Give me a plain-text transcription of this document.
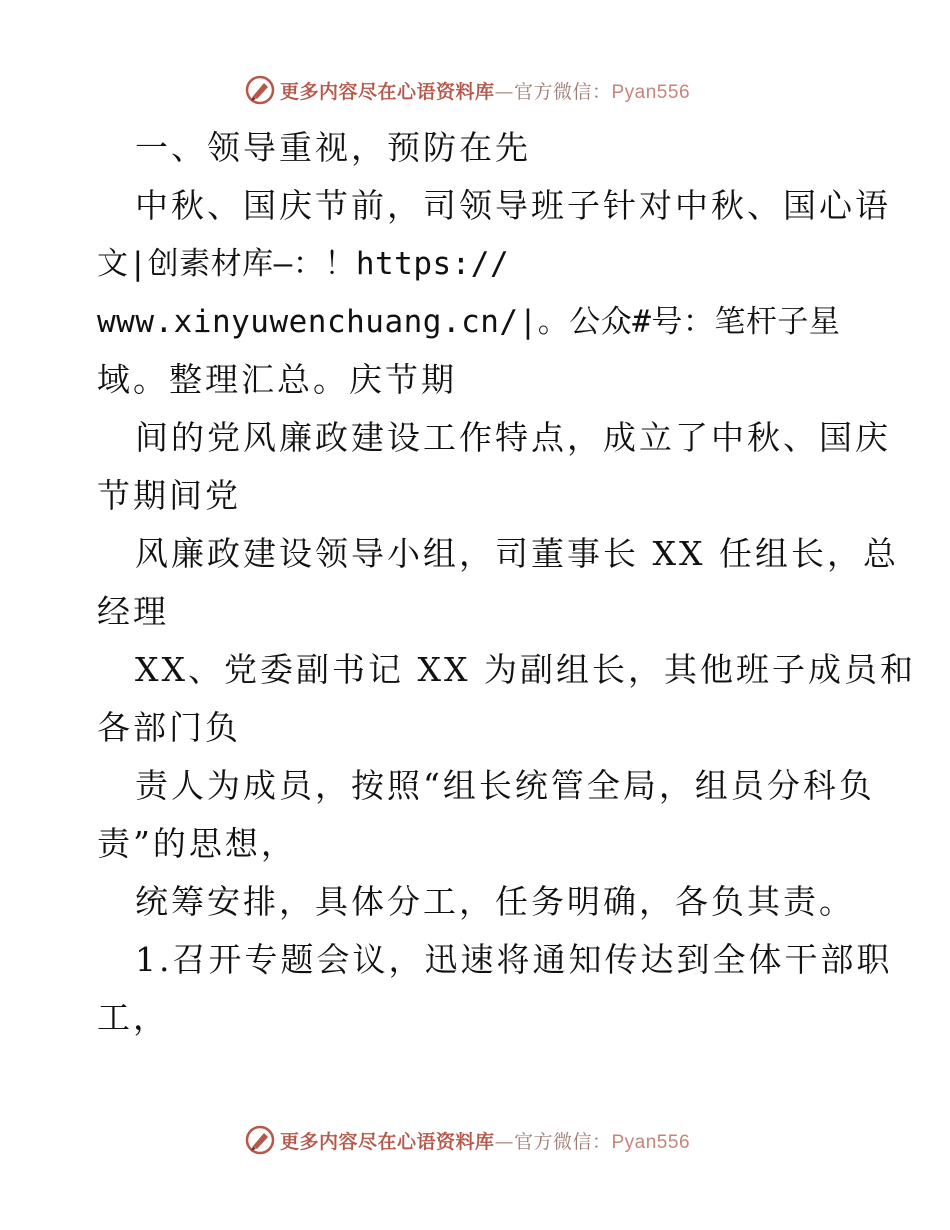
更多内容尽在心语资料库—官方微信：Pyan556
一、领导重视，预防在先
中秋、国庆节前，司领导班子针对中秋、国心语
文|创素材库—：！https://
www.xinyuwenchuang.cn/|。公众#号：笔杆子星
域。整理汇总。庆节期
间的党风廉政建设工作特点，成立了中秋、国庆
节期间党
风廉政建设领导小组，司董事长 XX 任组长，总
经理
XX、党委副书记 XX 为副组长，其他班子成员和
各部门负
责人为成员，按照“组长统管全局，组员分科负
责”的思想，
统筹安排，具体分工，任务明确，各负其责。
1.召开专题会议，迅速将通知传达到全体干部职
工，
更多内容尽在心语资料库—官方微信：Pyan556
